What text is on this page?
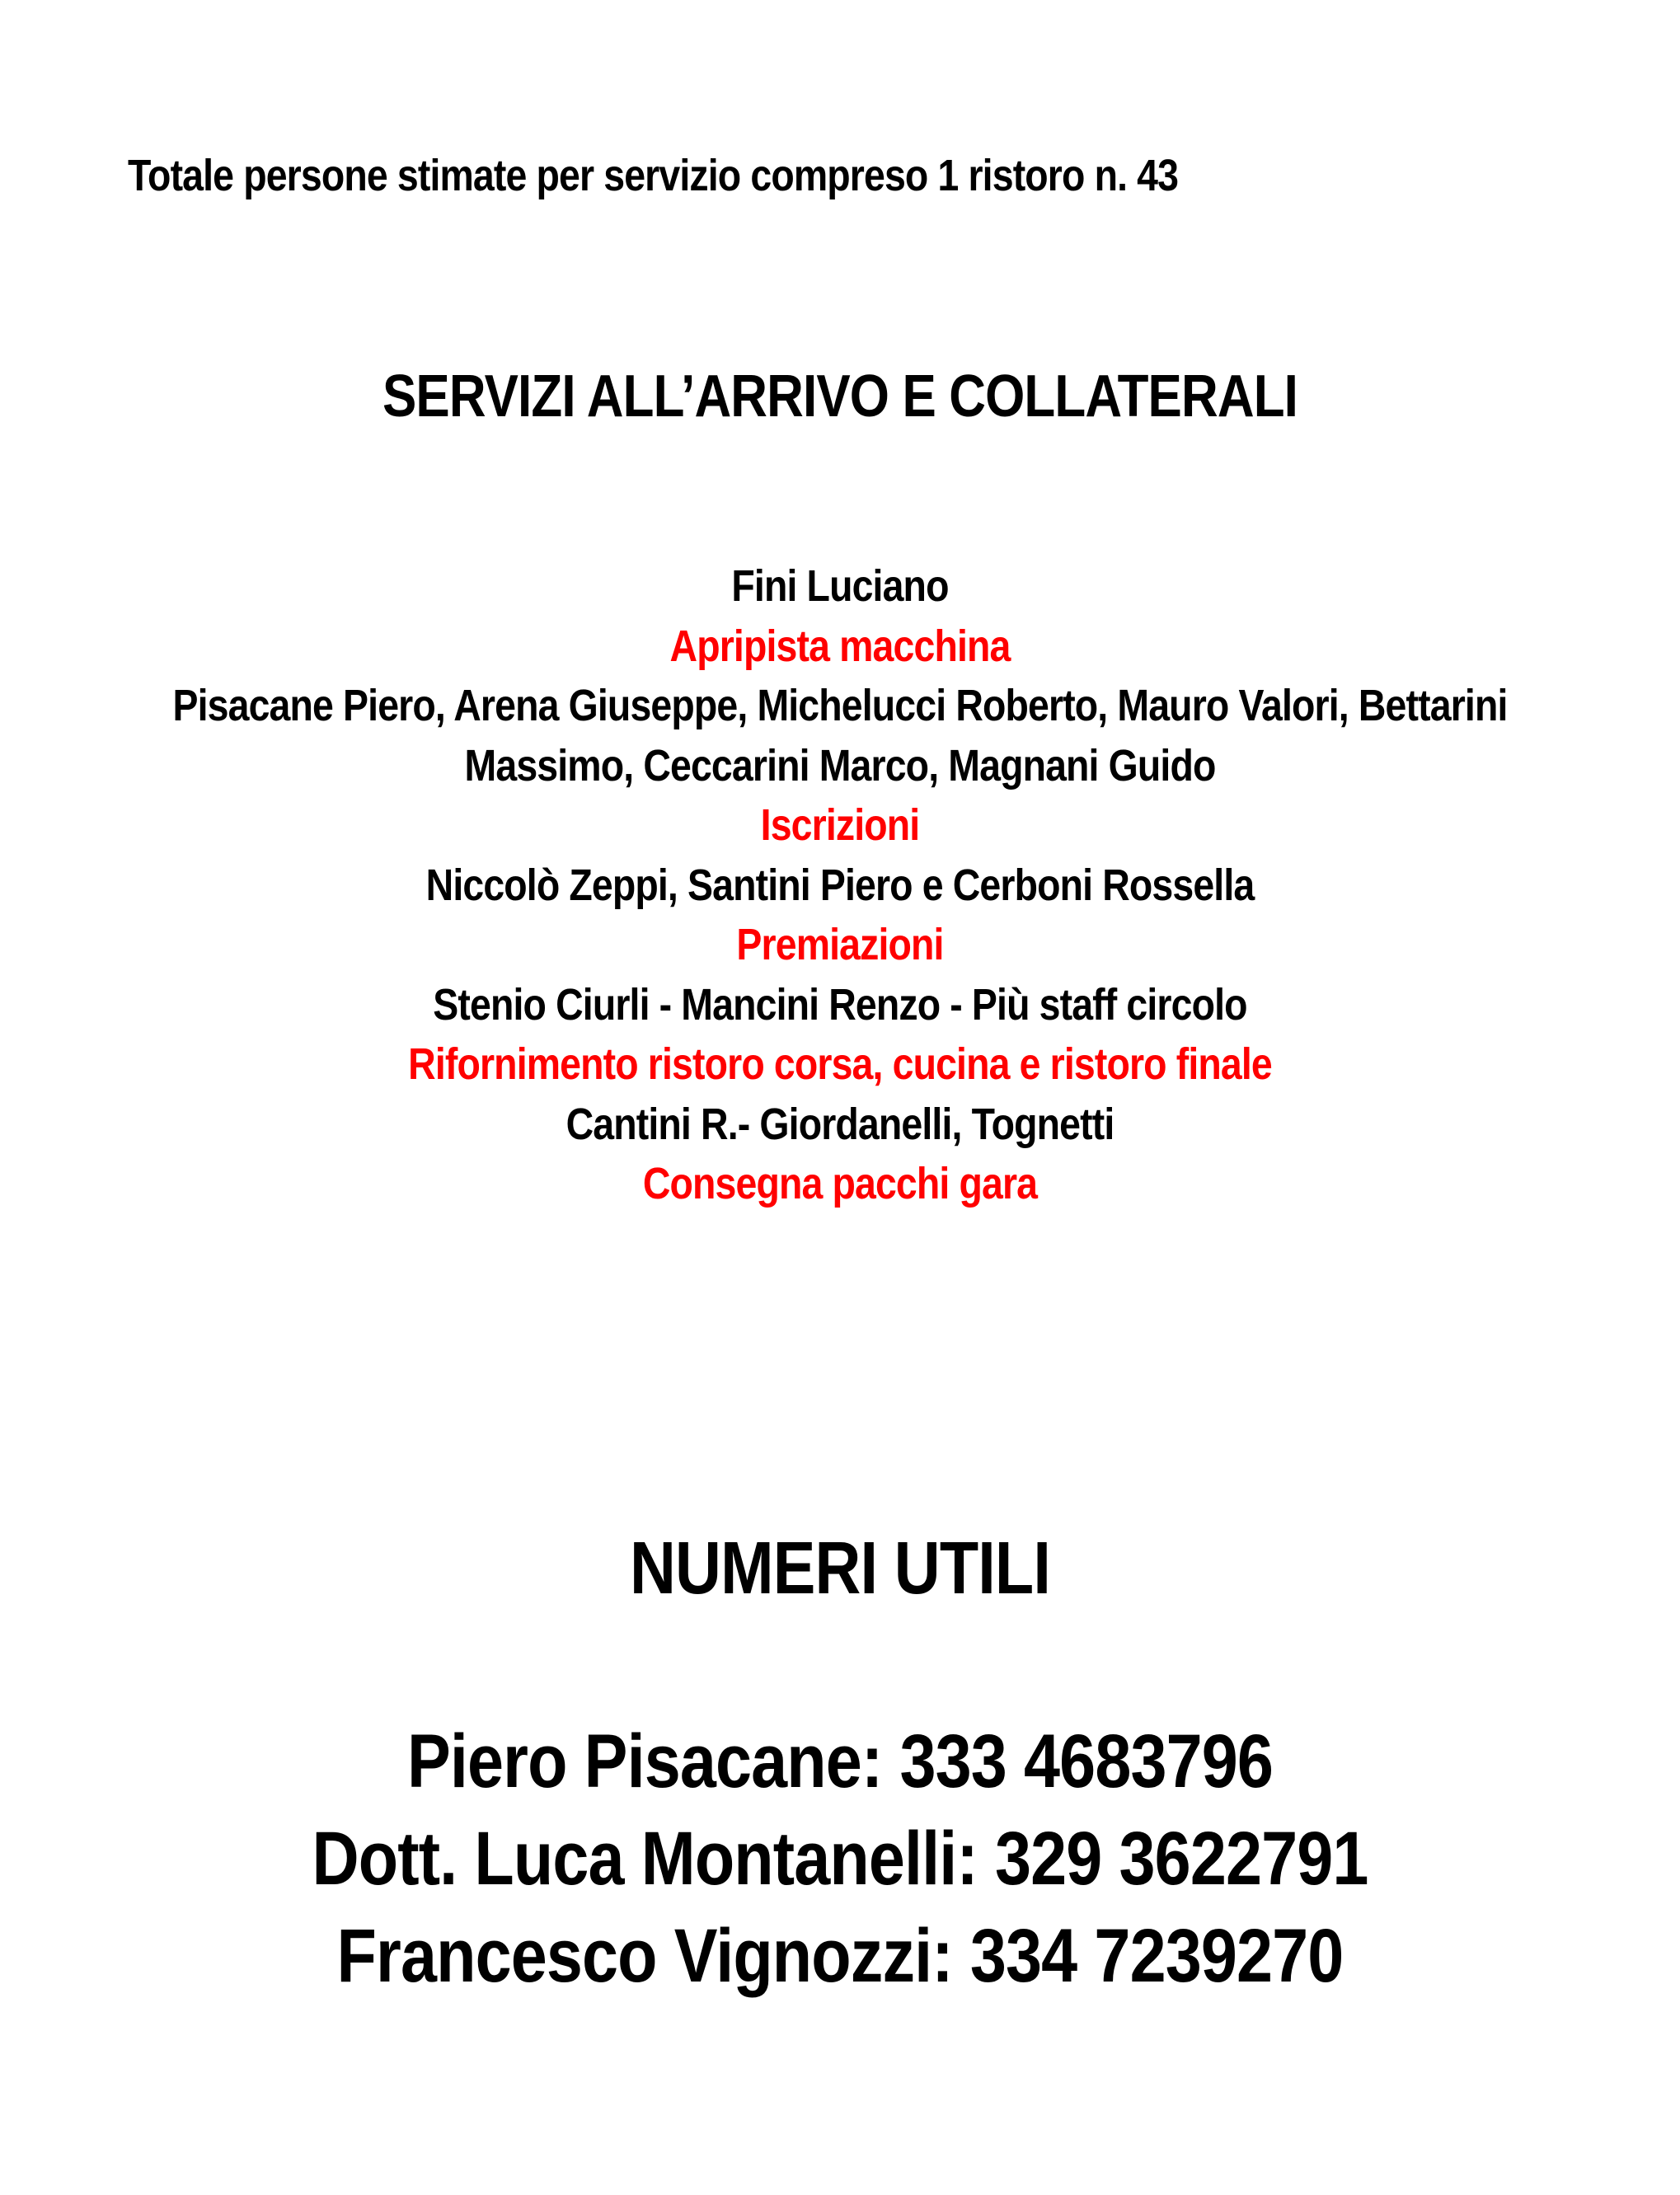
Totale persone stimate per servizio compreso 1 ristoro n. 43
SERVIZI ALL’ARRIVO E COLLATERALI
Fini Luciano
Apripista macchina
Pisacane Piero, Arena Giuseppe, Michelucci Roberto, Mauro Valori, Bettarini
Massimo, Ceccarini Marco, Magnani Guido
Iscrizioni
Niccolò Zeppi, Santini Piero e Cerboni Rossella
Premiazioni
Stenio Ciurli - Mancini Renzo - Più staff circolo
Rifornimento ristoro corsa, cucina e ristoro finale
Cantini R.- Giordanelli, Tognetti
Consegna pacchi gara
NUMERI UTILI
Piero Pisacane: 333 4683796
Dott. Luca Montanelli: 329 3622791
Francesco Vignozzi: 334 7239270
